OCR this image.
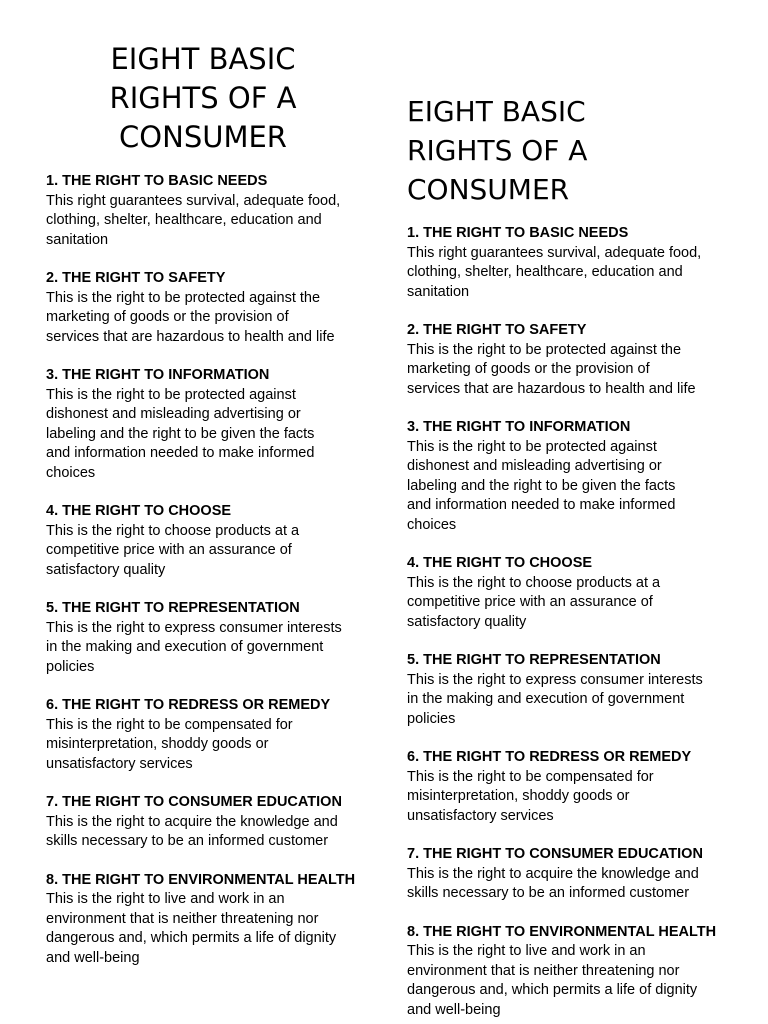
EIGHT BASIC
RIGHTS OF A
CONSUMER

1. THE RIGHT TO BASIC NEEDS

This right guarantees survival, adequate food,
clothing, shelter, healthcare, education and
sanitation

2. THE RIGHT TO SAFETY

This is the right to be protected against the
marketing of goods or the provision of
services that are hazardous to health and life

3. THE RIGHT TO INFORMATION

This is the right to be protected against
dishonest and misleading advertising or
labeling and the right to be given the facts
and information needed to make informed
choices

4. THE RIGHT TO CHOOSE

This is the right to choose products at a
competitive price with an assurance of
satisfactory quality

5. THE RIGHT TO REPRESENTATION

This is the right to express consumer interests
in the making and execution of government
policies

6. THE RIGHT TO REDRESS OR REMEDY

This is the right to be compensated for
misinterpretation, shoddy goods or
unsatisfactory services

7. THE RIGHT TO CONSUMER EDUCATION

This is the right to acquire the knowledge and
skills necessary to be an informed customer

8. THE RIGHT TO ENVIRONMENTAL HEALTH

This is the right to live and work in an
environment that is neither threatening nor
dangerous and, which permits a life of dignity
and well-being

EIGHT BASIC
RIGHTS OF A
CONSUMER

1. THE RIGHT TO BASIC NEEDS

This right guarantees survival, adequate food,
clothing, shelter, healthcare, education and
sanitation

2. THE RIGHT TO SAFETY

This is the right to be protected against the
marketing of goods or the provision of
services that are hazardous to health and life

3. THE RIGHT TO INFORMATION

This is the right to be protected against
dishonest and misleading advertising or
labeling and the right to be given the facts
and information needed to make informed
choices

4. THE RIGHT TO CHOOSE

This is the right to choose products at a
competitive price with an assurance of
satisfactory quality

5. THE RIGHT TO REPRESENTATION

This is the right to express consumer interests
in the making and execution of government
policies

6. THE RIGHT TO REDRESS OR REMEDY

This is the right to be compensated for
misinterpretation, shoddy goods or
unsatisfactory services

7. THE RIGHT TO CONSUMER EDUCATION

This is the right to acquire the knowledge and
skills necessary to be an informed customer

8. THE RIGHT TO ENVIRONMENTAL HEALTH

This is the right to live and work in an
environment that is neither threatening nor
dangerous and, which permits a life of dignity
and well-being
